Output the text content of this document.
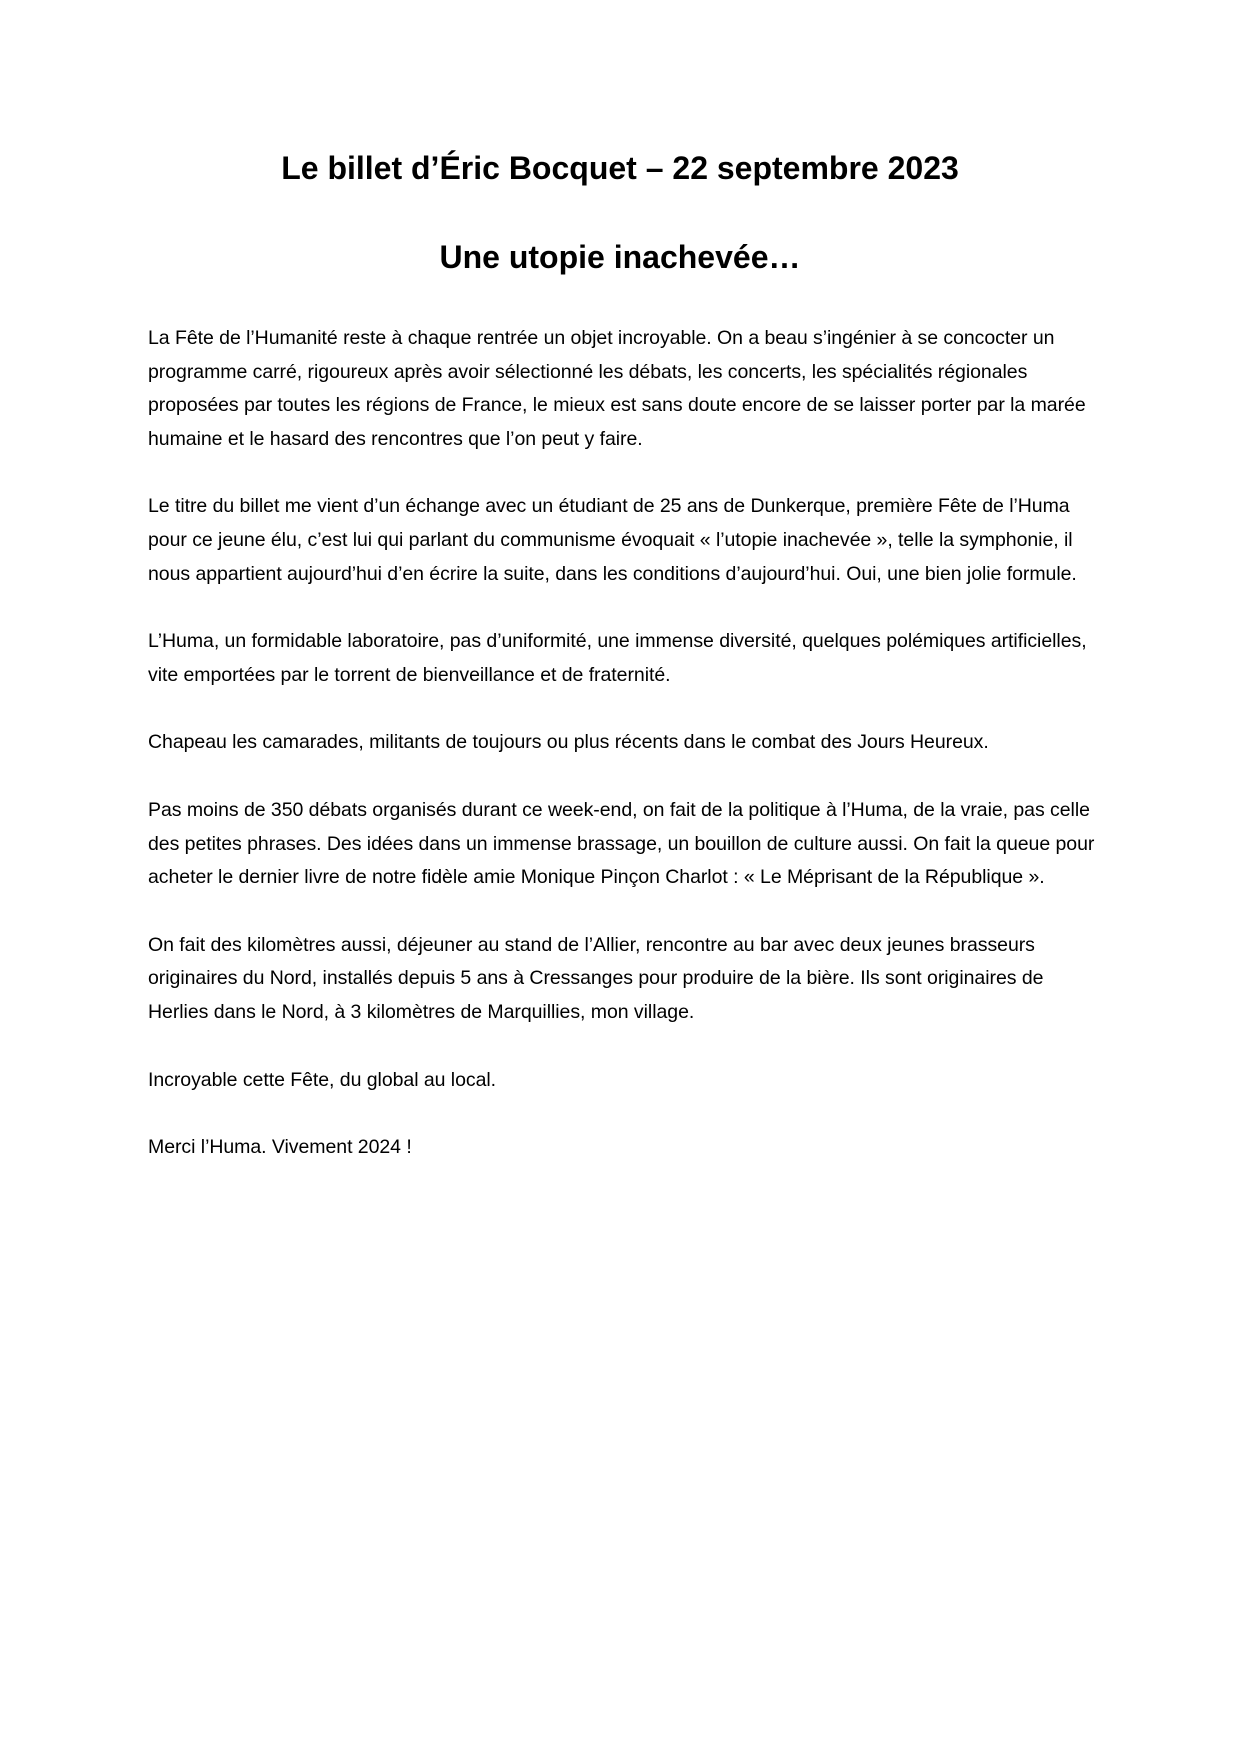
Le billet d’Éric Bocquet – 22 septembre 2023
Une utopie inachevée…

La Fête de l’Humanité reste à chaque rentrée un objet incroyable. On a beau s’ingénier à se concocter un programme carré, rigoureux après avoir sélectionné les débats, les concerts, les spécialités régionales proposées par toutes les régions de France, le mieux est sans doute encore de se laisser porter par la marée humaine et le hasard des rencontres que l’on peut y faire.

Le titre du billet me vient d’un échange avec un étudiant de 25 ans de Dunkerque, première Fête de l’Huma pour ce jeune élu, c’est lui qui parlant du communisme évoquait « l’utopie inachevée », telle la symphonie, il nous appartient aujourd’hui d’en écrire la suite, dans les conditions d’aujourd’hui. Oui, une bien jolie formule.

L’Huma, un formidable laboratoire, pas d’uniformité, une immense diversité, quelques polémiques artificielles, vite emportées par le torrent de bienveillance et de fraternité.

Chapeau les camarades, militants de toujours ou plus récents dans le combat des Jours Heureux.

Pas moins de 350 débats organisés durant ce week-end, on fait de la politique à l’Huma, de la vraie, pas celle des petites phrases. Des idées dans un immense brassage, un bouillon de culture aussi. On fait la queue pour acheter le dernier livre de notre fidèle amie Monique Pinçon Charlot : « Le Méprisant de la République ».

On fait des kilomètres aussi, déjeuner au stand de l’Allier, rencontre au bar avec deux jeunes brasseurs originaires du Nord, installés depuis 5 ans à Cressanges pour produire de la bière. Ils sont originaires de Herlies dans le Nord, à 3 kilomètres de Marquillies, mon village.

Incroyable cette Fête, du global au local.

Merci l’Huma. Vivement 2024 !
